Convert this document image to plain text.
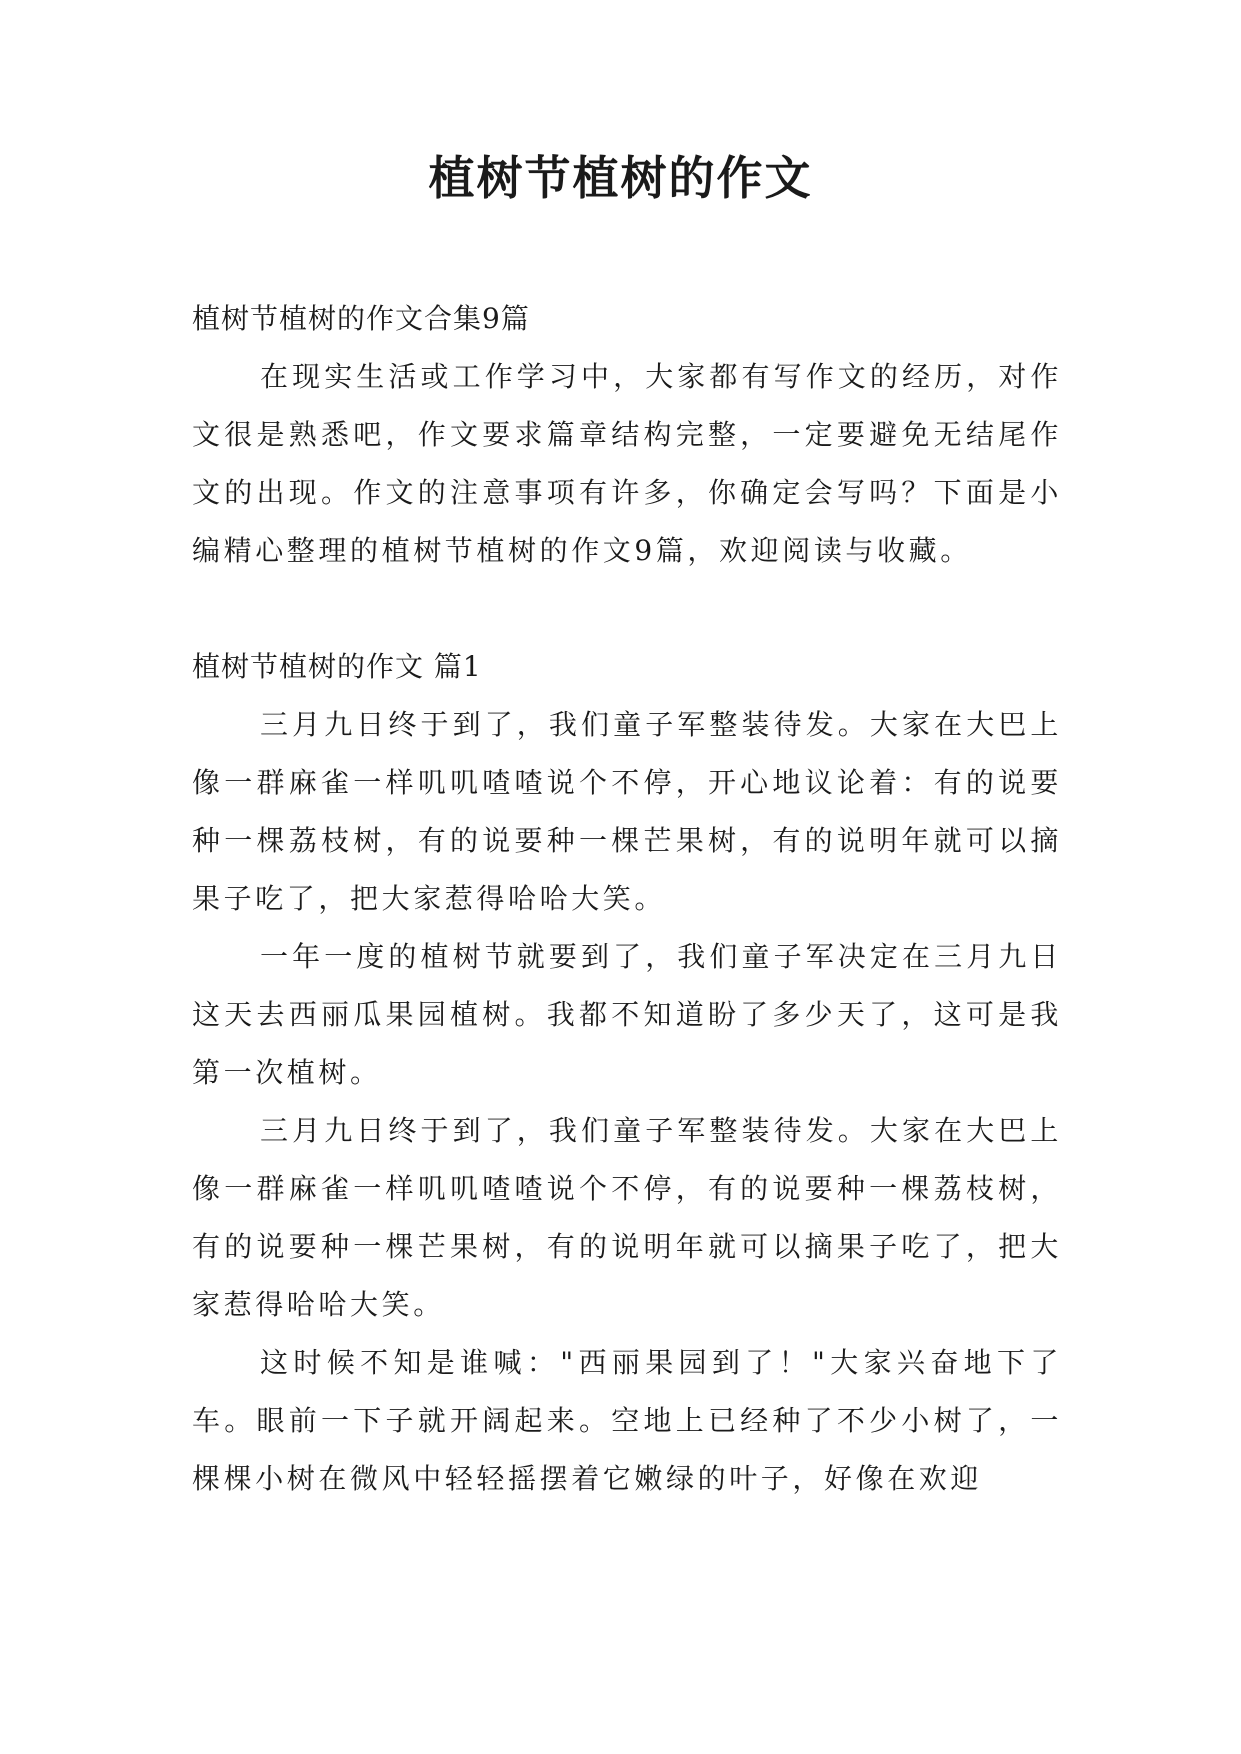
植树节植树的作文

植树节植树的作文合集9篇

在现实生活或工作学习中，大家都有写作文的经历，对作文很是熟悉吧，作文要求篇章结构完整，一定要避免无结尾作文的出现。作文的注意事项有许多，你确定会写吗？下面是小编精心整理的植树节植树的作文9篇，欢迎阅读与收藏。

植树节植树的作文 篇1

三月九日终于到了，我们童子军整装待发。大家在大巴上像一群麻雀一样叽叽喳喳说个不停，开心地议论着：有的说要种一棵荔枝树，有的说要种一棵芒果树，有的说明年就可以摘果子吃了，把大家惹得哈哈大笑。

一年一度的植树节就要到了，我们童子军决定在三月九日这天去西丽瓜果园植树。我都不知道盼了多少天了，这可是我第一次植树。

三月九日终于到了，我们童子军整装待发。大家在大巴上像一群麻雀一样叽叽喳喳说个不停，有的说要种一棵荔枝树，有的说要种一棵芒果树，有的说明年就可以摘果子吃了，把大家惹得哈哈大笑。

这时候不知是谁喊："西丽果园到了！"大家兴奋地下了车。眼前一下子就开阔起来。空地上已经种了不少小树了，一棵棵小树在微风中轻轻摇摆着它嫩绿的叶子，好像在欢迎
